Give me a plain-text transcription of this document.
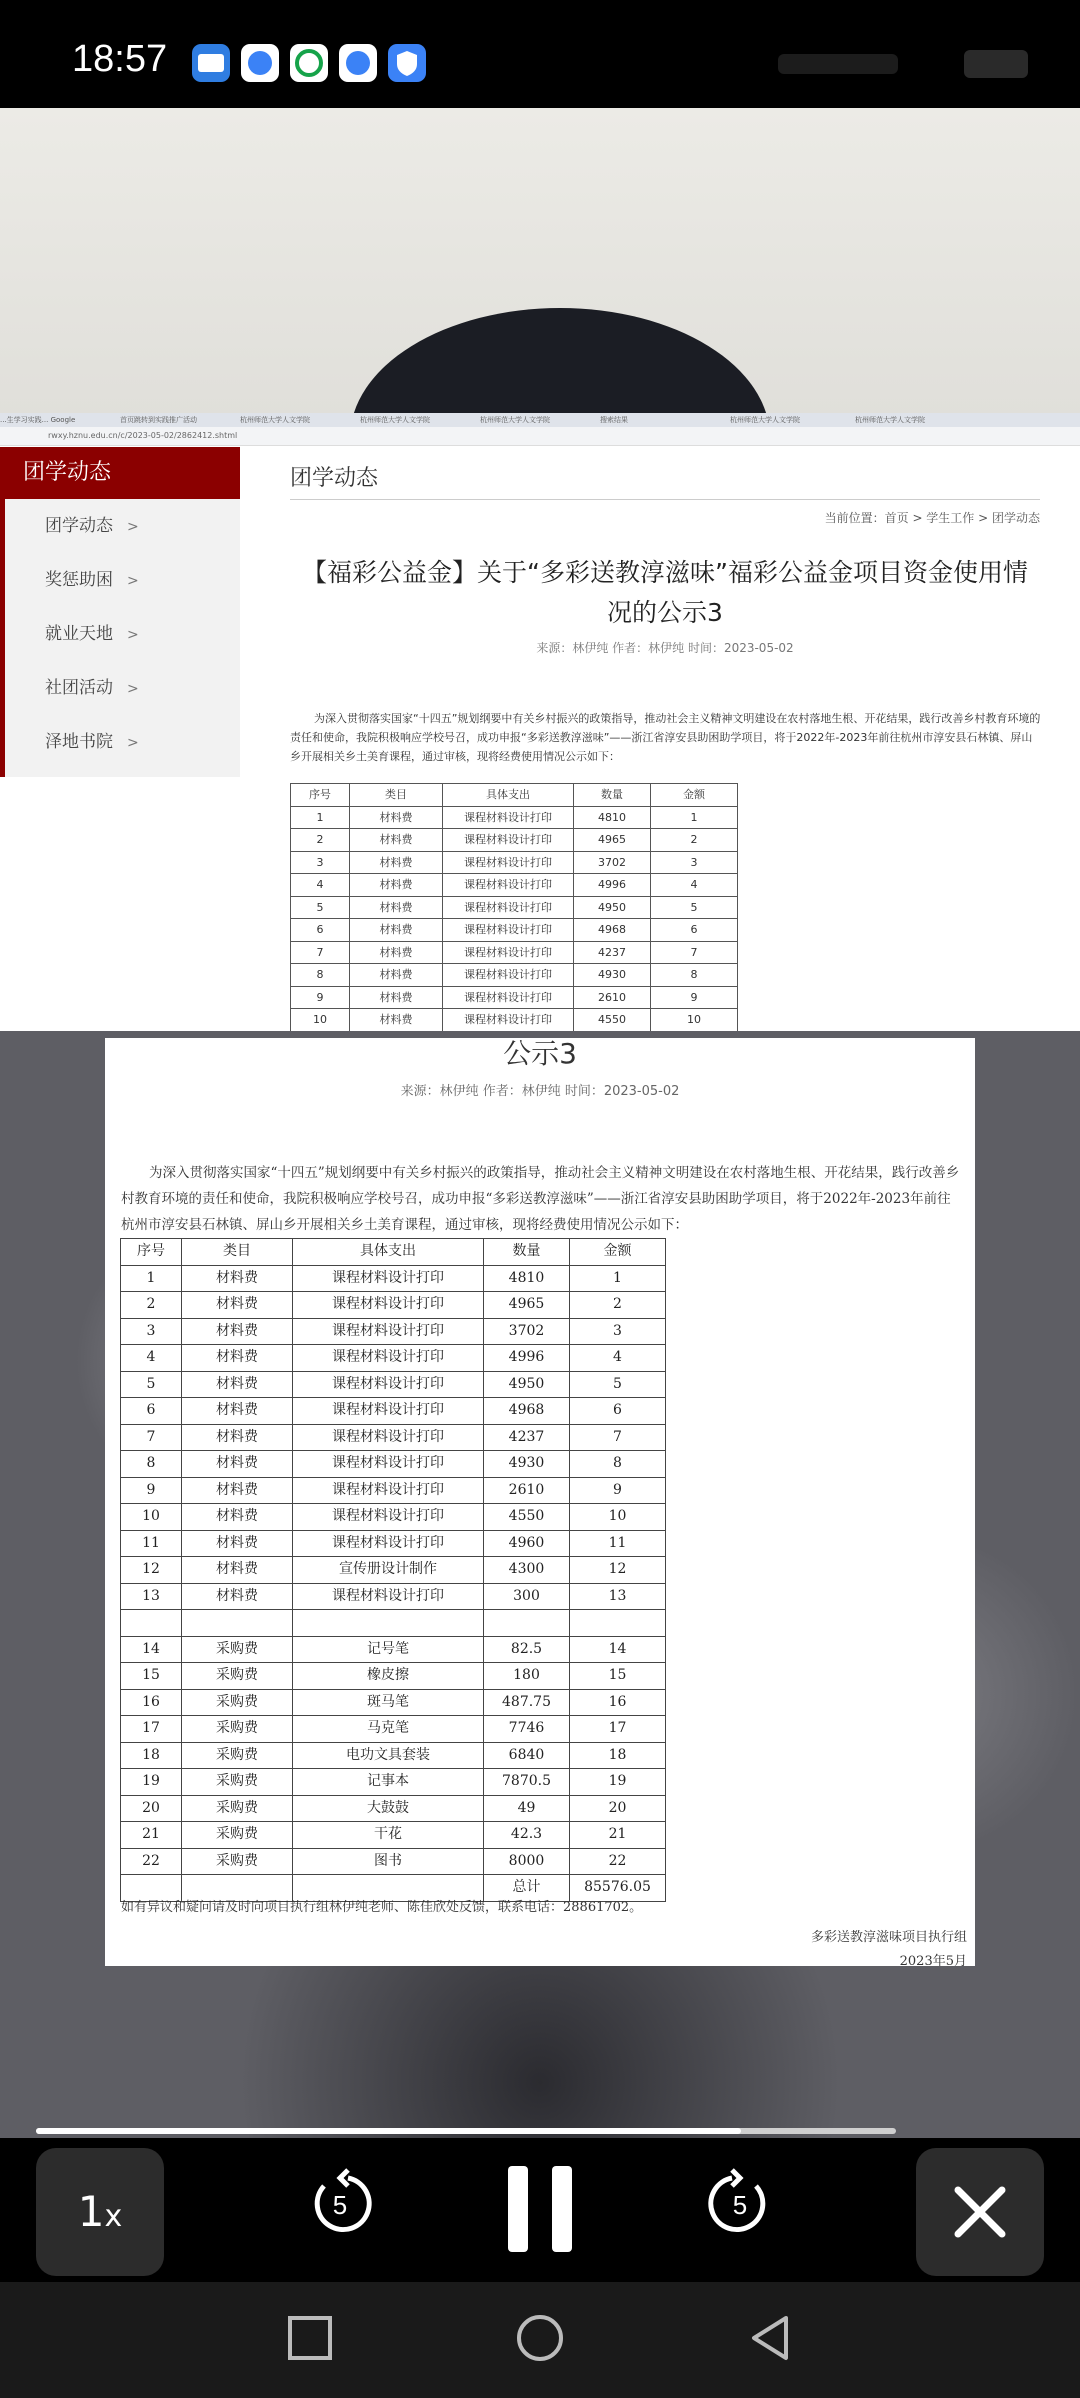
18:57
...生学习实践... Google	首页跳转到实践推广活动	杭州师范大学人文学院	杭州师范大学人文学院	杭州师范大学人文学院	搜索结果	杭州师范大学人文学院	杭州师范大学人文学院
rwxy.hznu.edu.cn/c/2023-05-02/2862412.shtml
团学动态
团学动态 >
奖惩助困 >
就业天地 >
社团活动 >
泽地书院 >
团学动态
当前位置：首页 > 学生工作 > 团学动态
【福彩公益金】关于“多彩送教淳滋味”福彩公益金项目资金使用情况的公示3
来源：林伊纯 作者：林伊纯 时间：2023-05-02
为深入贯彻落实国家“十四五”规划纲要中有关乡村振兴的政策指导，推动社会主义精神文明建设在农村落地生根、开花结果，践行改善乡村教育环境的责任和使命，我院积极响应学校号召，成功申报“多彩送教淳滋味”——浙江省淳安县助困助学项目，将于2022年-2023年前往杭州市淳安县石林镇、屏山乡开展相关乡土美育课程，通过审核，现将经费使用情况公示如下：
序号	类目	具体支出	数量	金额
1	材料费	课程材料设计打印	4810	1
2	材料费	课程材料设计打印	4965	2
3	材料费	课程材料设计打印	3702	3
4	材料费	课程材料设计打印	4996	4
5	材料费	课程材料设计打印	4950	5
6	材料费	课程材料设计打印	4968	6
7	材料费	课程材料设计打印	4237	7
8	材料费	课程材料设计打印	4930	8
9	材料费	课程材料设计打印	2610	9
10	材料费	课程材料设计打印	4550	10
公示3
来源：林伊纯 作者：林伊纯 时间：2023-05-02
为深入贯彻落实国家“十四五”规划纲要中有关乡村振兴的政策指导，推动社会主义精神文明建设在农村落地生根、开花结果，践行改善乡村教育环境的责任和使命，我院积极响应学校号召，成功申报“多彩送教淳滋味”——浙江省淳安县助困助学项目，将于2022年-2023年前往杭州市淳安县石林镇、屏山乡开展相关乡土美育课程，通过审核，现将经费使用情况公示如下：
序号	类目	具体支出	数量	金额
1	材料费	课程材料设计打印	4810	1
2	材料费	课程材料设计打印	4965	2
3	材料费	课程材料设计打印	3702	3
4	材料费	课程材料设计打印	4996	4
5	材料费	课程材料设计打印	4950	5
6	材料费	课程材料设计打印	4968	6
7	材料费	课程材料设计打印	4237	7
8	材料费	课程材料设计打印	4930	8
9	材料费	课程材料设计打印	2610	9
10	材料费	课程材料设计打印	4550	10
11	材料费	课程材料设计打印	4960	11
12	材料费	宣传册设计制作	4300	12
13	材料费	课程材料设计打印	300	13

14	采购费	记号笔	82.5	14
15	采购费	橡皮擦	180	15
16	采购费	斑马笔	487.75	16
17	采购费	马克笔	7746	17
18	采购费	电功文具套装	6840	18
19	采购费	记事本	7870.5	19
20	采购费	大鼓鼓	49	20
21	采购费	干花	42.3	21
22	采购费	图书	8000	22
			总计	85576.05
如有异议和疑问请及时向项目执行组林伊纯老师、陈佳欣处反馈，联系电话：28861702。
多彩送教淳滋味项目执行组
2023年5月
1x	5	5
